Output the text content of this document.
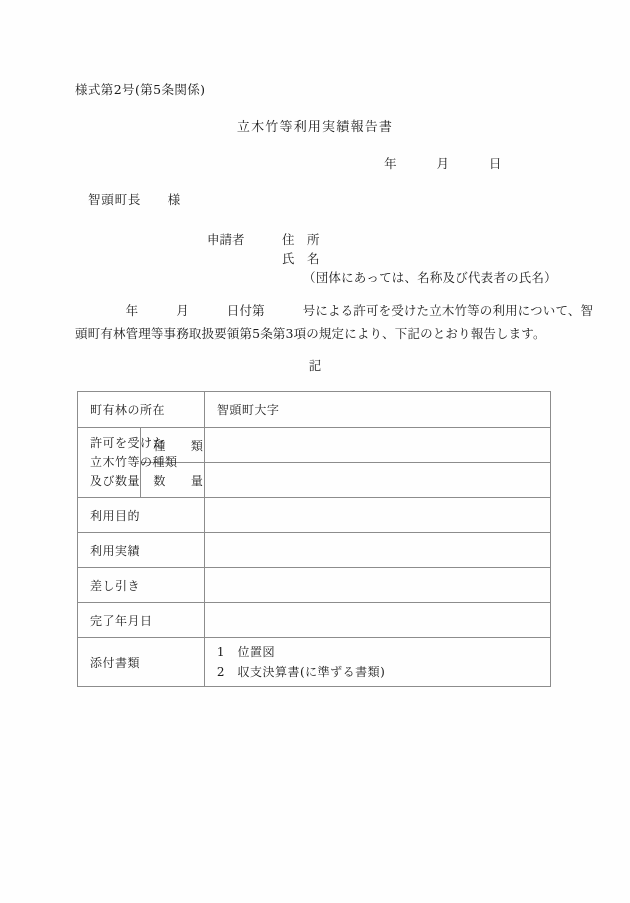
様式第2号(第5条関係)
立木竹等利用実績報告書
年　　　月　　　日
智頭町長　　様
申請者　　　住　所
　　　　　　氏　名
（団体にあっては、名称及び代表者の氏名）
　　　　年　　　月　　　日付第　　　号による許可を受けた立木竹等の利用について、智
頭町有林管理等事務取扱要領第5条第3項の規定により、下記のとおり報告します。
記
町有林の所在		智頭町大字

許可を受けた
立木竹等の種類
及び数量	種　　類	
	数　　量	
利用目的		
利用実績		
差し引き		
完了年月日		
添付書類		1　位置図
2　収支決算書(に準ずる書類)
